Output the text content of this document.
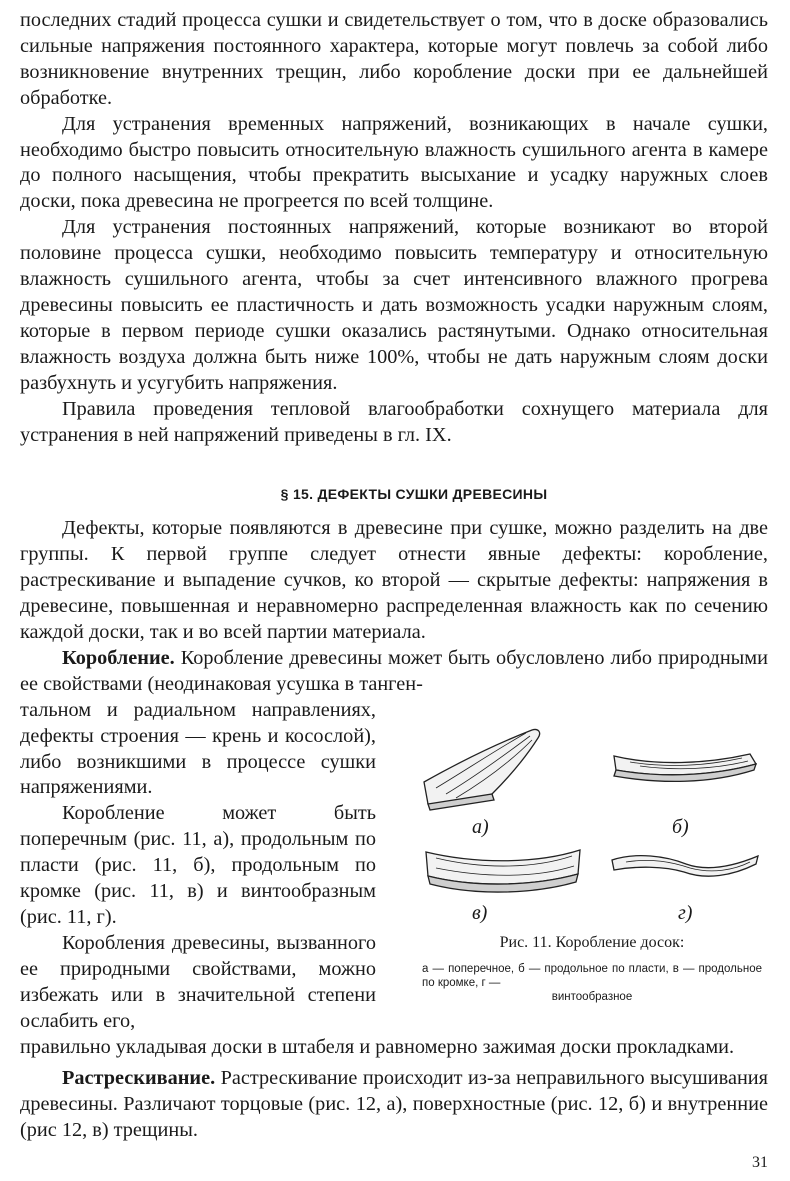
последних стадий процесса сушки и свидетельствует о том, что в доске образовались сильные напряжения постоянного характера, которые могут повлечь за собой либо возникновение внутренних трещин, либо коробление доски при ее дальнейшей обработке.

Для устранения временных напряжений, возникающих в начале сушки, необходимо быстро повысить относительную влажность сушильного агента в камере до полного насыщения, чтобы прекратить высыхание и усадку наружных слоев доски, пока древесина не прогреется по всей толщине.

Для устранения постоянных напряжений, которые возникают во второй половине процесса сушки, необходимо повысить температуру и относительную влажность сушильного агента, чтобы за счет интенсивного влажного прогрева древесины повысить ее пластичность и дать возможность усадки наружным слоям, которые в первом периоде сушки оказались растянутыми. Однако относительная влажность воздуха должна быть ниже 100%, чтобы не дать наружным слоям доски разбухнуть и усугубить напряжения.

Правила проведения тепловой влагообработки сохнущего материала для устранения в ней напряжений приведены в гл. IX.

§ 15. ДЕФЕКТЫ СУШКИ ДРЕВЕСИНЫ

Дефекты, которые появляются в древесине при сушке, можно разделить на две группы. К первой группе следует отнести явные дефекты: коробление, растрескивание и выпадение сучков, ко второй — скрытые дефекты: напряжения в древесине, повышенная и неравномерно распределенная влажность как по сечению каждой доски, так и во всей партии материала.

Коробление. Коробление древесины может быть обусловлено либо природными ее свойствами (неодинаковая усушка в танген-

тальном и радиальном направлениях, дефекты строения — крень и косослой), либо возникшими в процессе сушки напряжениями.

Коробление может быть поперечным (рис. 11, а), продольным по пласти (рис. 11, б), продольным по кромке (рис. 11, в) и винтообразным (рис. 11, г).

Коробления древесины, вызванного ее природными свойствами, можно избежать или в значительной степени ослабить его,

а)	б)
в)	г)
Рис. 11. Коробление досок:
а — поперечное, б — продольное по пласти, в — продольное по кромке, г —
винтообразное

правильно укладывая доски в штабеля и равномерно зажимая доски прокладками.

Растрескивание. Растрескивание происходит из-за неправильного высушивания древесины. Различают торцовые (рис. 12, а), поверхностные (рис. 12, б) и внутренние (рис 12, в) трещины.

31
